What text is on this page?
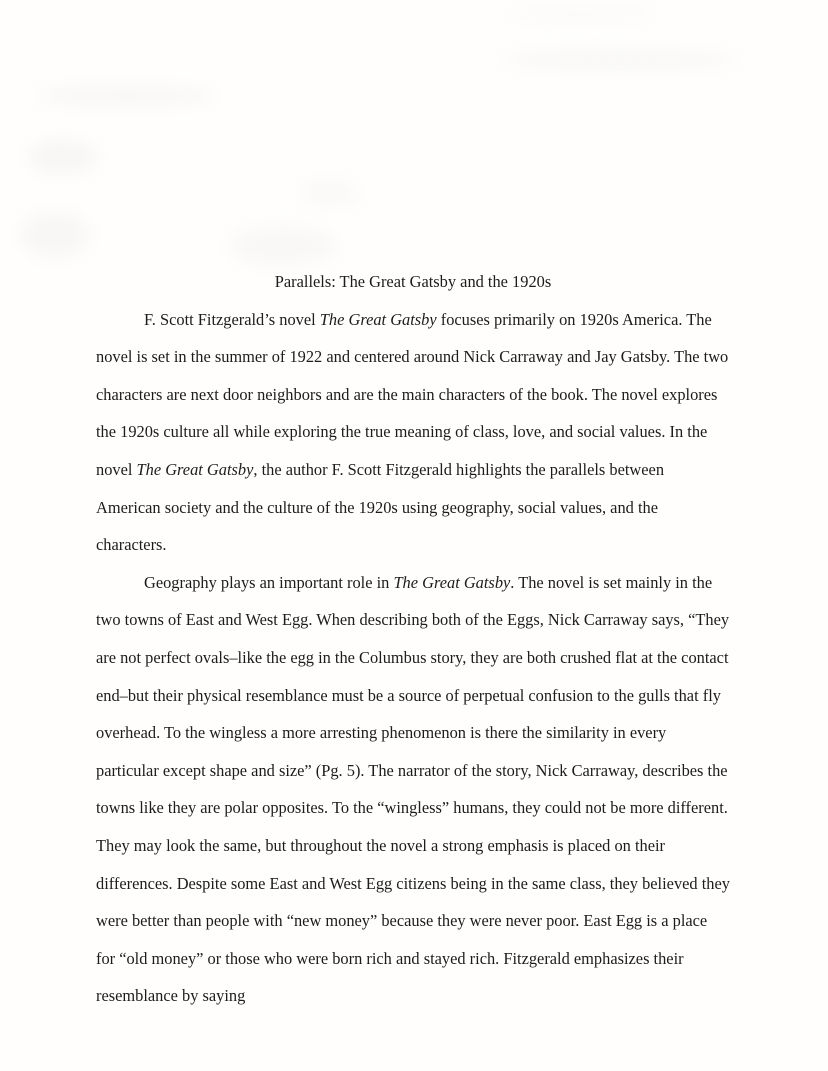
Parallels: The Great Gatsby and the 1920s

F. Scott Fitzgerald’s novel The Great Gatsby focuses primarily on 1920s America. The novel is set in the summer of 1922 and centered around Nick Carraway and Jay Gatsby. The two characters are next door neighbors and are the main characters of the book. The novel explores the 1920s culture all while exploring the true meaning of class, love, and social values. In the novel The Great Gatsby, the author F. Scott Fitzgerald highlights the parallels between American society and the culture of the 1920s using geography, social values, and the characters.

Geography plays an important role in The Great Gatsby. The novel is set mainly in the two towns of East and West Egg. When describing both of the Eggs, Nick Carraway says, “They are not perfect ovals–like the egg in the Columbus story, they are both crushed flat at the contact end–but their physical resemblance must be a source of perpetual confusion to the gulls that fly overhead. To the wingless a more arresting phenomenon is there the similarity in every particular except shape and size” (Pg. 5). The narrator of the story, Nick Carraway, describes the towns like they are polar opposites. To the “wingless” humans, they could not be more different. They may look the same, but throughout the novel a strong emphasis is placed on their differences. Despite some East and West Egg citizens being in the same class, they believed they were better than people with “new money” because they were never poor. East Egg is a place for “old money” or those who were born rich and stayed rich. Fitzgerald emphasizes their resemblance by saying
